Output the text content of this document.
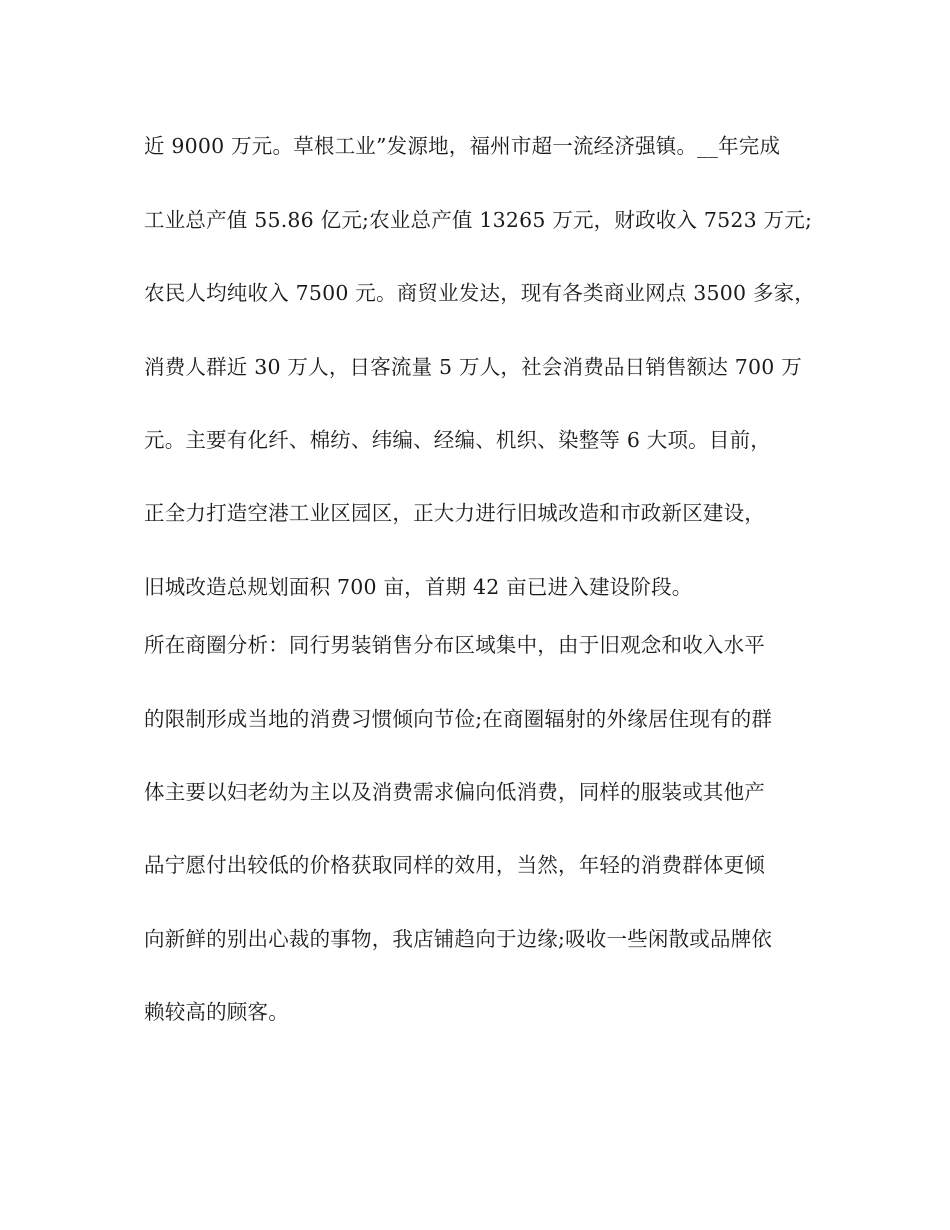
近 9000 万元。草根工业”发源地，福州市超一流经济强镇。__年完成
工业总产值 55.86 亿元;农业总产值 13265 万元，财政收入 7523 万元;
农民人均纯收入 7500 元。商贸业发达，现有各类商业网点 3500 多家，
消费人群近 30 万人，日客流量 5 万人，社会消费品日销售额达 700 万
元。主要有化纤、棉纺、纬编、经编、机织、染整等 6 大项。目前，
正全力打造空港工业区园区，正大力进行旧城改造和市政新区建设，
旧城改造总规划面积 700 亩，首期 42 亩已进入建设阶段。
所在商圈分析：同行男装销售分布区域集中，由于旧观念和收入水平
的限制形成当地的消费习惯倾向节俭;在商圈辐射的外缘居住现有的群
体主要以妇老幼为主以及消费需求偏向低消费，同样的服装或其他产
品宁愿付出较低的价格获取同样的效用，当然，年轻的消费群体更倾
向新鲜的别出心裁的事物，我店铺趋向于边缘;吸收一些闲散或品牌依
赖较高的顾客。
